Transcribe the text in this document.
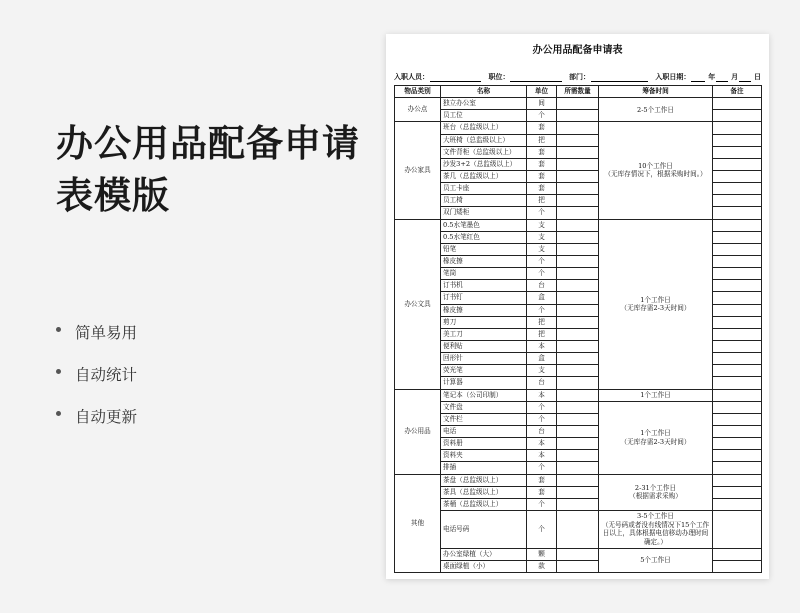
办公用品配备申请表模版
简单易用
自动统计
自动更新
办公用品配备申请表
入职人员：	职位：	部门：	入职日期：	年 月 日
物品类别	名称	单位	所需数量	筹备时间	备注
办公点	独立办公室	间		2-5个工作日	
	员工位	个			
办公家具	班台（总监级以上）	套		10个工作日
（无库存情况下，根据采购时间。）	
	大班椅（总监级以上）	把			
	文件背柜（总监级以上）	套			
	沙发3+2（总监级以上）	套			
	茶几（总监级以上）	套			
	员工卡座	套			
	员工椅	把			
	双门矮柜	个			
办公文具	0.5水笔墨色	支		1个工作日
（无库存需2-3天时间）	
	0.5水笔红色	支			
	铅笔	支			
	橡皮擦	个			
	笔筒	个			
	订书机	台			
	订书钉	盒			
	橡皮擦	个			
	剪刀	把			
	美工刀	把			
	便利贴	本			
	回形针	盒			
	荧光笔	支			
	计算器	台			
办公用品	笔记本（公司印制）	本		1个工作日	
	文件盘	个		1个工作日
（无库存需2-3天时间）	
	文件栏	个			
	电话	台			
	资料册	本			
	资料夹	本			
	排插	个			
其他	茶盘（总监级以上）	套		2-31个工作日
（根据需求采购）	
	茶具（总监级以上）	套			
	茶桶（总监级以上）	个			
	电话号码	个		3-5个工作日
（无号码或者没有线情况下15个工作日以上，具体根据电信移动办理时间确定。）	
	办公室绿植（大）	颗		5个工作日	
	桌面绿植（小）	款			
